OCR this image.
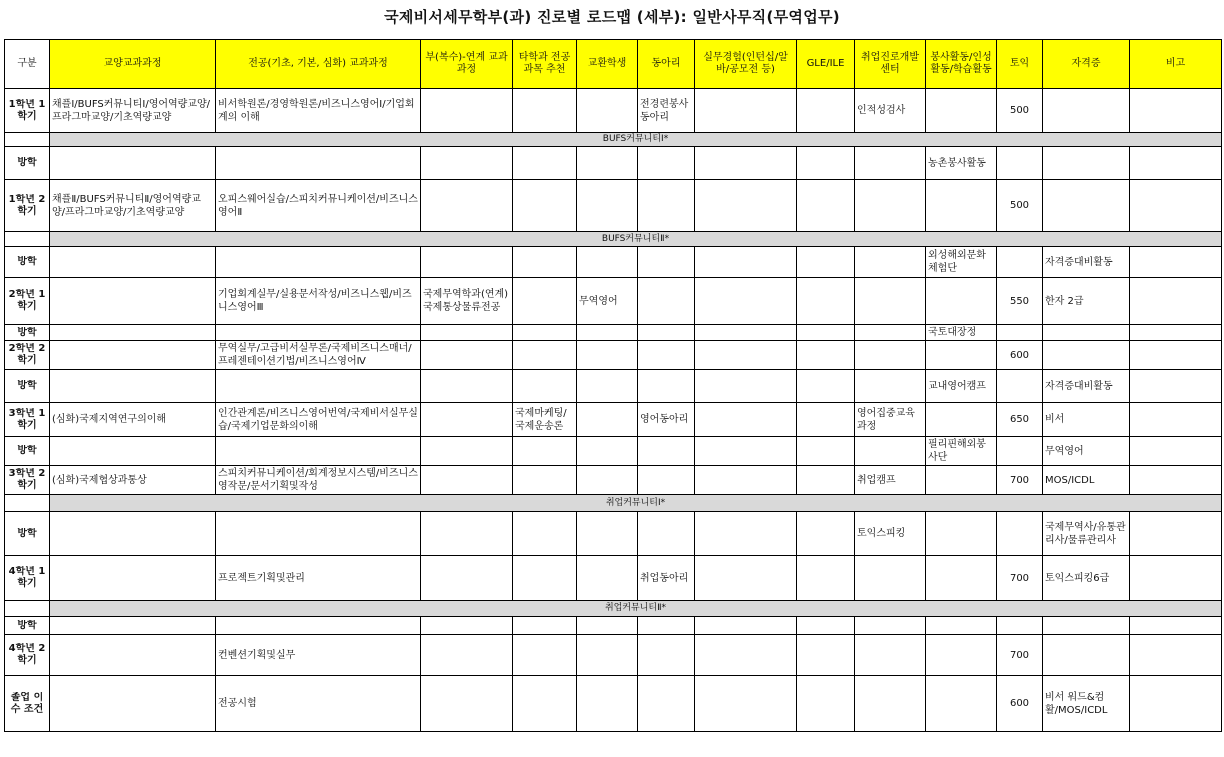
국제비서세무학부(과) 진로별 로드맵 (세부): 일반사무직(무역업무)
구분	교양교과과정	전공(기초, 기본, 심화) 교과과정	부(복수)-연계 교과과정	타학과 전공과목 추천	교환학생	동아리	실무경험(인턴십/알바/공모전 등)	GLE/ILE	취업진로개발 센터	봉사활동/인성활동/학습활동	토익	자격증	비고

1학년 1학기	채플Ⅰ/BUFS커뮤니티Ⅰ/영어역량교양/프라그마교양/기초역량교양	비서학원론/경영학원론/비즈니스영어Ⅰ/기업회계의 이해				전경련봉사동아리			인적성검사		500		

	BUFS커뮤니티Ⅰ*												

방학										농촌봉사활동			

1학년 2학기	채플Ⅱ/BUFS커뮤니티Ⅱ/영어역량교양/프라그마교양/기초역량교양	오피스웨어실습/스피치커뮤니케이션/비즈니스영어Ⅱ									500		

	BUFS커뮤니티Ⅱ*												

방학										외성해외문화체험단		자격증대비활동	

2학년 1학기		기업회계실무/실용문서작성/비즈니스웹/비즈니스영어Ⅲ	국제무역학과(연계)국제통상물류전공		무역영어						550	한자 2급	

방학										국토대장정			

2학년 2학기		무역실무/고급비서실무론/국제비즈니스매너/프레젠테이션기법/비즈니스영어Ⅳ									600		

방학										교내영어캠프		자격증대비활동	

3학년 1학기	(심화)국제지역연구의이해	인간관계론/비즈니스영어번역/국제비서실무실습/국제기업문화의이해		국제마케팅/국제운송론		영어동아리			영어집중교육과정		650	비서	

방학										필리핀해외봉사단		무역영어	

3학년 2학기	(심화)국제협상과통상	스피치커뮤니케이션/회계정보시스템/비즈니스영작문/문서기획및작성							취업캠프		700	MOS/ICDL	

	취업커뮤니티Ⅰ*												

방학									토익스피킹			국제무역사/유통관리사/물류관리사	

4학년 1학기		프로젝트기획및관리				취업동아리					700	토익스피킹6급	

	취업커뮤니티Ⅱ*												

방학													

4학년 2학기		컨벤션기획및실무									700		

졸업 이수 조건		전공시험									600	비서 워드&컴활/MOS/ICDL	
